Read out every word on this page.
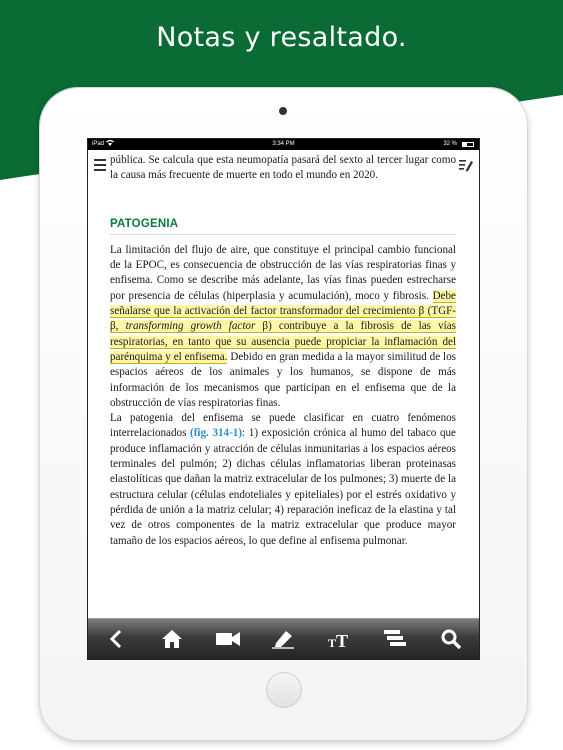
Notas y resaltado.
iPad	3:34 PM	32 %

pública. Se calcula que esta neumopatía pasará del sexto al tercer lugar como la causa más frecuente de muerte en todo el mundo en 2020.

PATOGENIA

La limitación del flujo de aire, que constituye el principal cambio funcional de la EPOC, es consecuencia de obstrucción de las vías respiratorias finas y enfisema. Como se describe más adelante, las vías finas pueden estrecharse por presencia de células (hiperplasia y acumulación), moco y fibrosis. Debe señalarse que la activación del factor transformador del crecimiento β (TGF-β, transforming growth factor β) contribuye a la fibrosis de las vías respiratorias, en tanto que su ausencia puede propiciar la inflamación del parénquima y el enfisema. Debido en gran medida a la mayor similitud de los espacios aéreos de los animales y los humanos, se dispone de más información de los mecanismos que participan en el enfisema que de la obstrucción de vías respiratorias finas.

La patogenia del enfisema se puede clasificar en cuatro fenómenos interrelacionados (fig. 314-1): 1) exposición crónica al humo del tabaco que produce inflamación y atracción de células inmunitarias a los espacios aéreos terminales del pulmón; 2) dichas células inflamatorias liberan proteinasas elastolíticas que dañan la matriz extracelular de los pulmones; 3) muerte de la estructura celular (células endoteliales y epiteliales) por el estrés oxidativo y pérdida de unión a la matriz celular; 4) reparación ineficaz de la elastina y tal vez de otros componentes de la matriz extracelular que produce mayor tamaño de los espacios aéreos, lo que define al enfisema pulmonar.

T T
